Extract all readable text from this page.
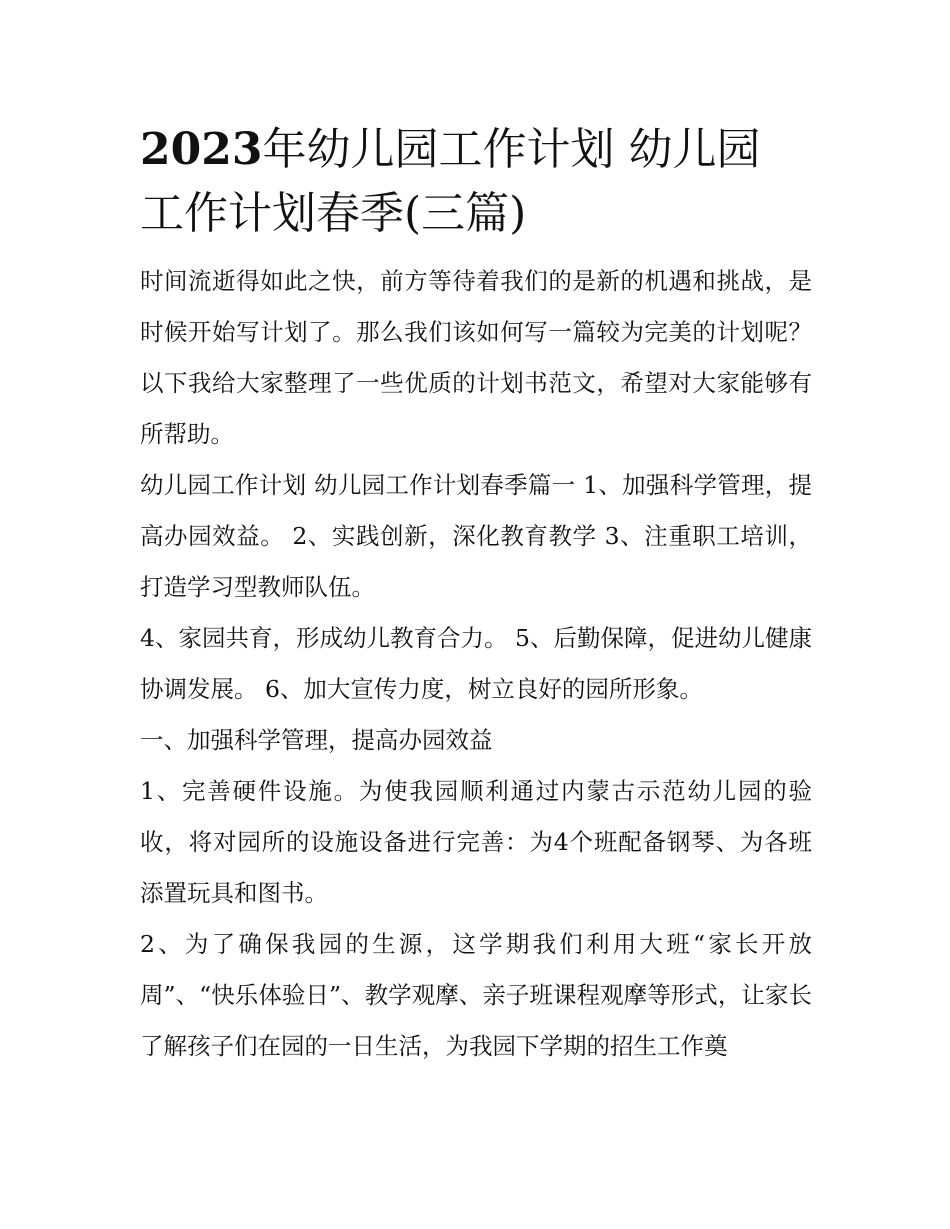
2023年幼儿园工作计划 幼儿园工作计划春季(三篇)

时间流逝得如此之快，前方等待着我们的是新的机遇和挑战，是时候开始写计划了。那么我们该如何写一篇较为完美的计划呢？以下我给大家整理了一些优质的计划书范文，希望对大家能够有所帮助。

幼儿园工作计划 幼儿园工作计划春季篇一 1、加强科学管理，提高办园效益。 2、实践创新，深化教育教学 3、注重职工培训，打造学习型教师队伍。

4、家园共育，形成幼儿教育合力。 5、后勤保障，促进幼儿健康协调发展。 6、加大宣传力度，树立良好的园所形象。

一、加强科学管理，提高办园效益

1、完善硬件设施。为使我园顺利通过内蒙古示范幼儿园的验收，将对园所的设施设备进行完善：为4个班配备钢琴、为各班添置玩具和图书。

2、为了确保我园的生源，这学期我们利用大班“家长开放周”、“快乐体验日”、教学观摩、亲子班课程观摩等形式，让家长了解孩子们在园的一日生活，为我园下学期的招生工作奠
